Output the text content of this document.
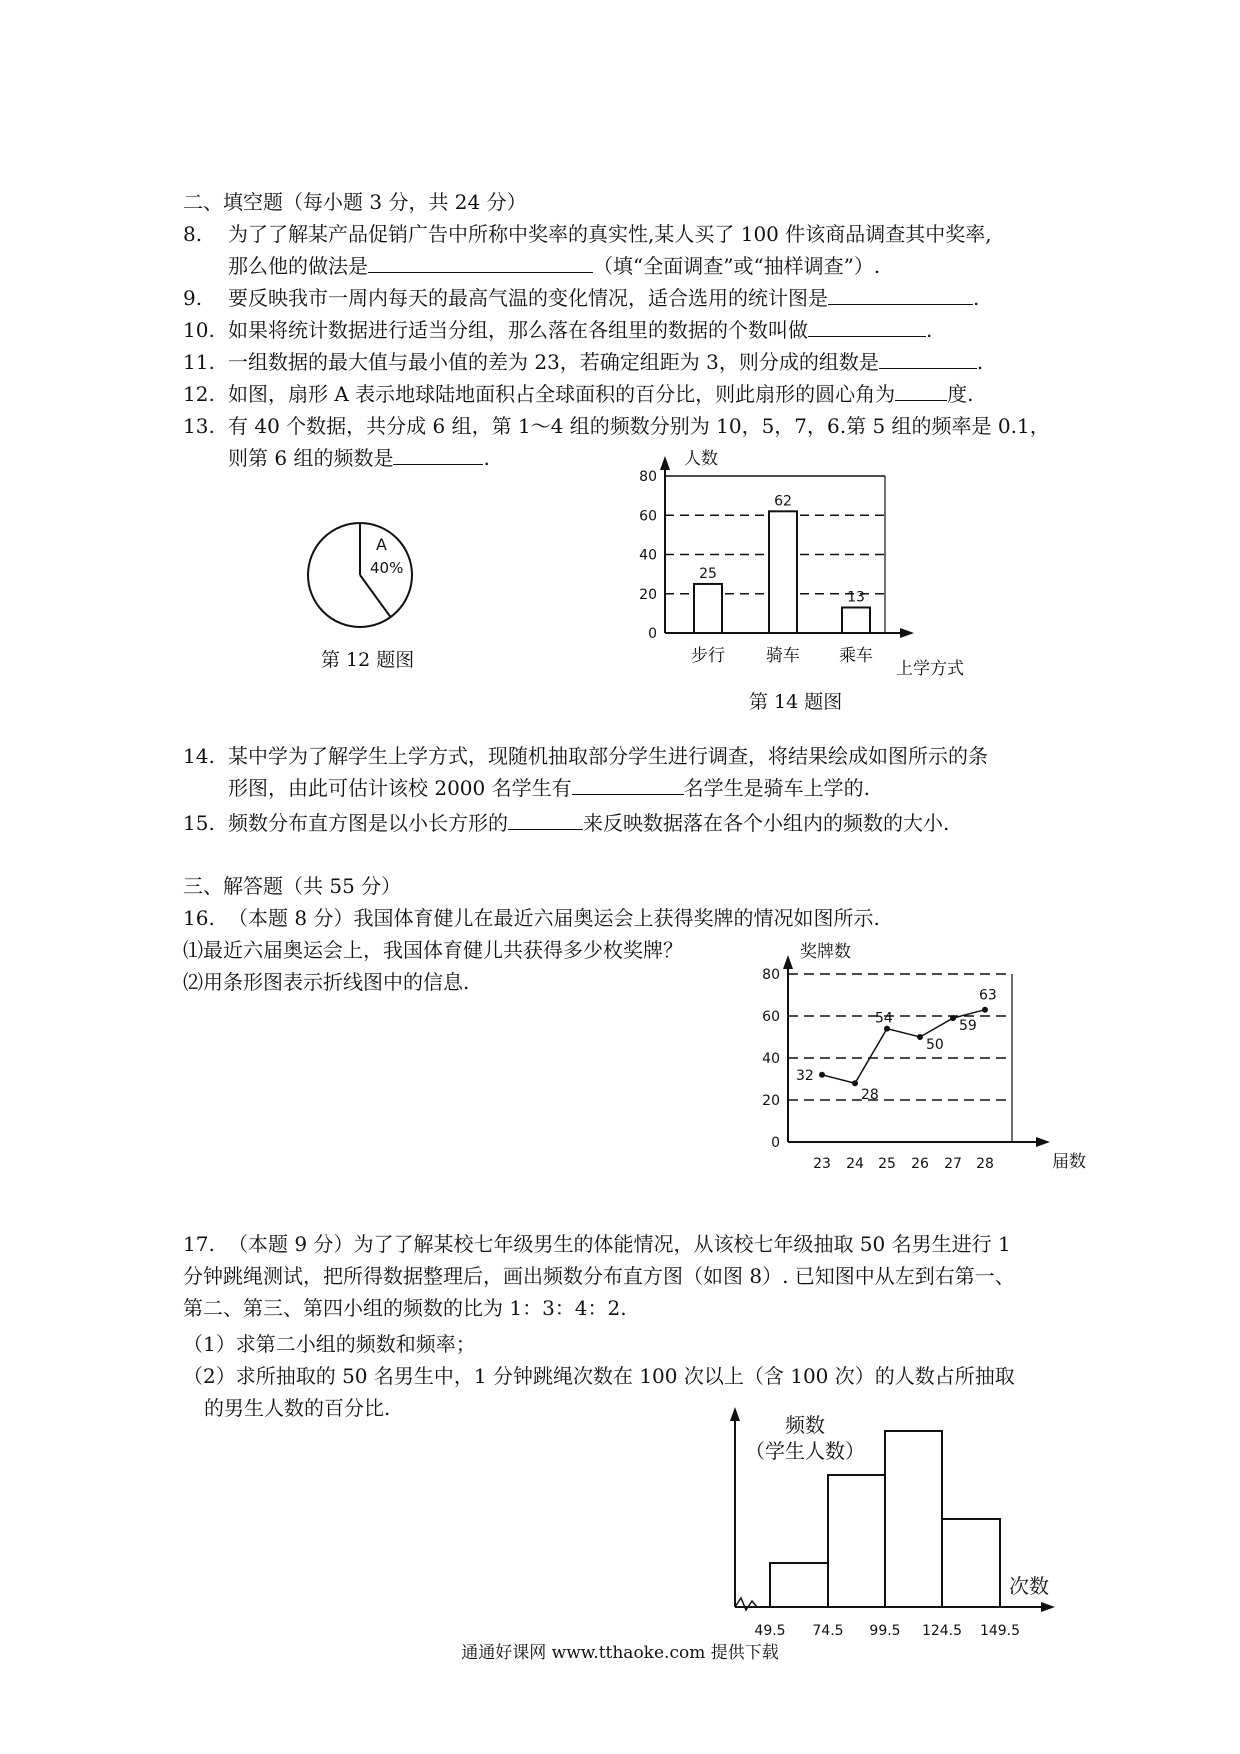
二、填空题（每小题 3 分，共 24 分）
8. 为了了解某产品促销广告中所称中奖率的真实性,某人买了 100 件该商品调查其中奖率,
那么他的做法是	（填“全面调查”或“抽样调查”）.
9. 要反映我市一周内每天的最高气温的变化情况，适合选用的统计图是	.
10. 如果将统计数据进行适当分组，那么落在各组里的数据的个数叫做	.
11. 一组数据的最大值与最小值的差为 23，若确定组距为 3，则分成的组数是	.
12. 如图，扇形 A 表示地球陆地面积占全球面积的百分比，则此扇形的圆心角为	度.
13. 有 40 个数据，共分成 6 组，第 1～4 组的频数分别为 10，5，7，6.第 5 组的频率是 0.1，
则第 6 组的频数是	.
A
40%
第 12 题图
人数
上学方式
0
20
40
60
80
25
步行
62
骑车
13
乘车
第 14 题图
14. 某中学为了解学生上学方式，现随机抽取部分学生进行调查，将结果绘成如图所示的条
形图，由此可估计该校 2000 名学生有	名学生是骑车上学的.
15. 频数分布直方图是以小长方形的	来反映数据落在各个小组内的频数的大小.
三、解答题（共 55 分）
16. （本题 8 分）我国体育健儿在最近六届奥运会上获得奖牌的情况如图所示.
⑴最近六届奥运会上，我国体育健儿共获得多少枚奖牌？
⑵用条形图表示折线图中的信息.
奖牌数
届数
0
20
40
60
80
32
23
28
24
54
25
50
26
59
27
63
28
17. （本题 9 分）为了了解某校七年级男生的体能情况，从该校七年级抽取 50 名男生进行 1
分钟跳绳测试，把所得数据整理后，画出频数分布直方图（如图 8）. 已知图中从左到右第一、
第二、第三、第四小组的频数的比为 1：3：4：2.
（1）求第二小组的频数和频率；
（2）求所抽取的 50 名男生中，1 分钟跳绳次数在 100 次以上（含 100 次）的人数占所抽取
的男生人数的百分比.
频数
（学生人数）
次数
49.5 74.5 99.5 124.5 149.5
通通好课网 www.tthaoke.com 提供下载
